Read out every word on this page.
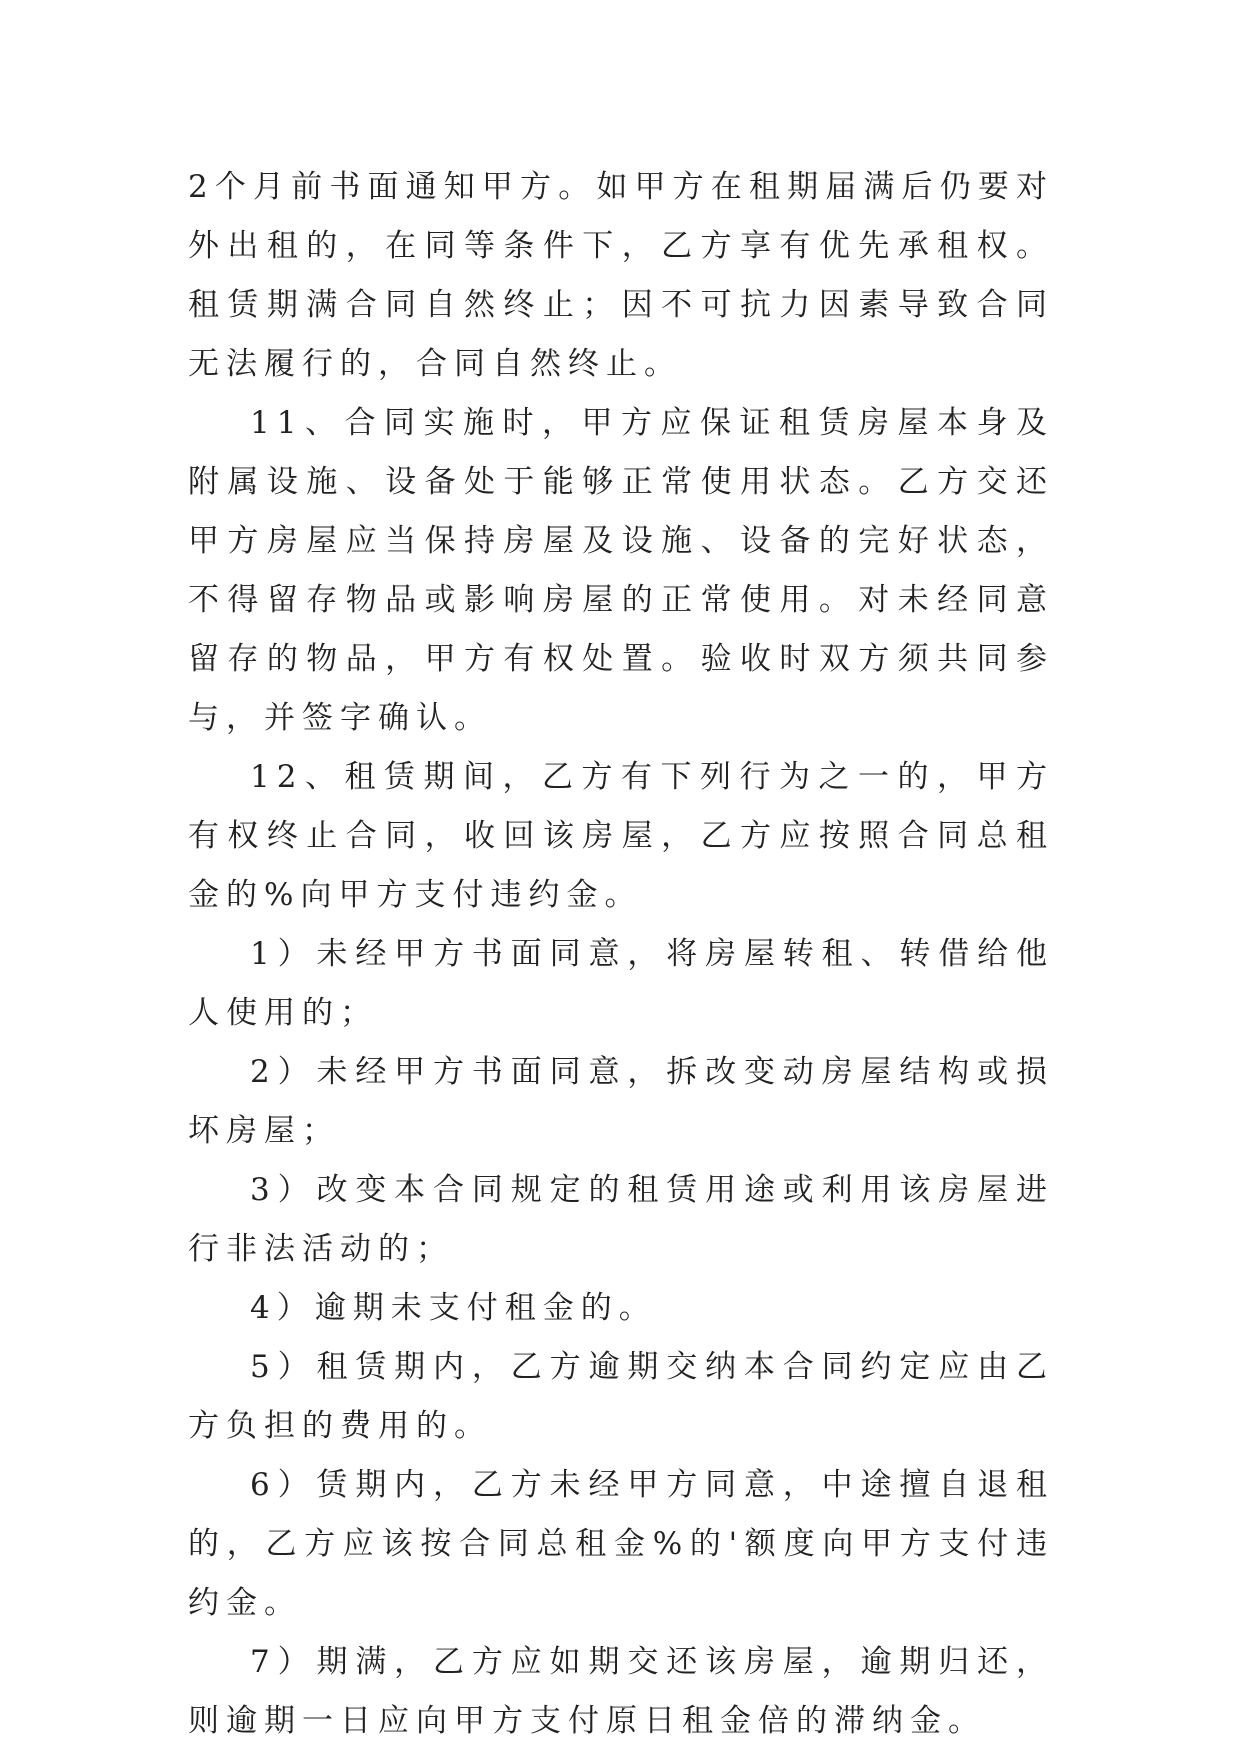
2个月前书面通知甲方。如甲方在租期届满后仍要对外出租的，在同等条件下，乙方享有优先承租权。租赁期满合同自然终止；因不可抗力因素导致合同无法履行的，合同自然终止。

11、合同实施时，甲方应保证租赁房屋本身及附属设施、设备处于能够正常使用状态。乙方交还甲方房屋应当保持房屋及设施、设备的完好状态，不得留存物品或影响房屋的正常使用。对未经同意留存的物品，甲方有权处置。验收时双方须共同参与，并签字确认。

12、租赁期间，乙方有下列行为之一的，甲方有权终止合同，收回该房屋，乙方应按照合同总租金的%向甲方支付违约金。

1）未经甲方书面同意，将房屋转租、转借给他人使用的；

2）未经甲方书面同意，拆改变动房屋结构或损坏房屋；

3）改变本合同规定的租赁用途或利用该房屋进行非法活动的；

4）逾期未支付租金的。

5）租赁期内，乙方逾期交纳本合同约定应由乙方负担的费用的。

6）赁期内，乙方未经甲方同意，中途擅自退租的，乙方应该按合同总租金%的'额度向甲方支付违约金。

7）期满，乙方应如期交还该房屋，逾期归还，则逾期一日应向甲方支付原日租金倍的滞纳金。
